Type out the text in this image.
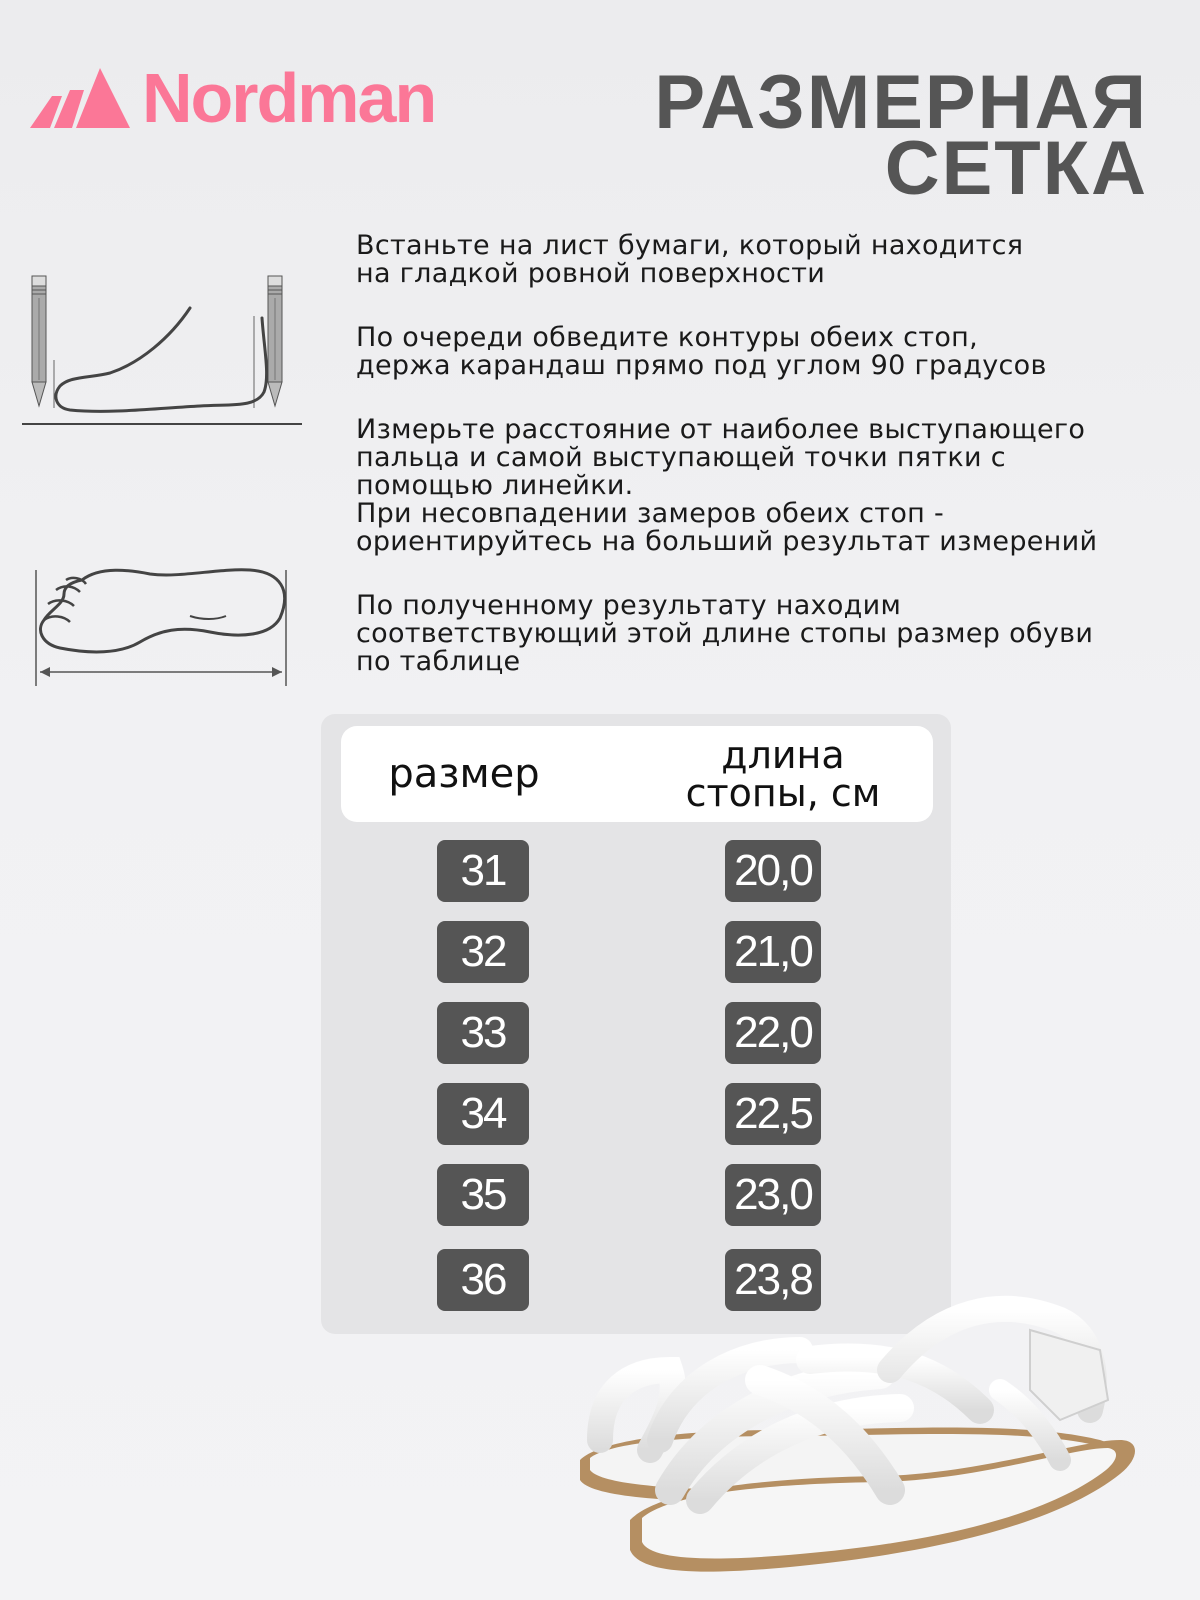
Nordman	РАЗМЕРНАЯ
СЕТКА
Встаньте на лист бумаги, который находится
на гладкой ровной поверхности
По очереди обведите контуры обеих стоп,
держа карандаш прямо под углом 90 градусов
Измерьте расстояние от наиболее выступающего
пальца и самой выступающей точки пятки с
помощью линейки.
При несовпадении замеров обеих стоп -
ориентируйтесь на больший результат измерений
По полученному результату находим
соответствующий этой длине стопы размер обуви
по таблице
размер	длина
стопы, см
31	20,0
32	21,0
33	22,0
34	22,5
35	23,0
36	23,8
